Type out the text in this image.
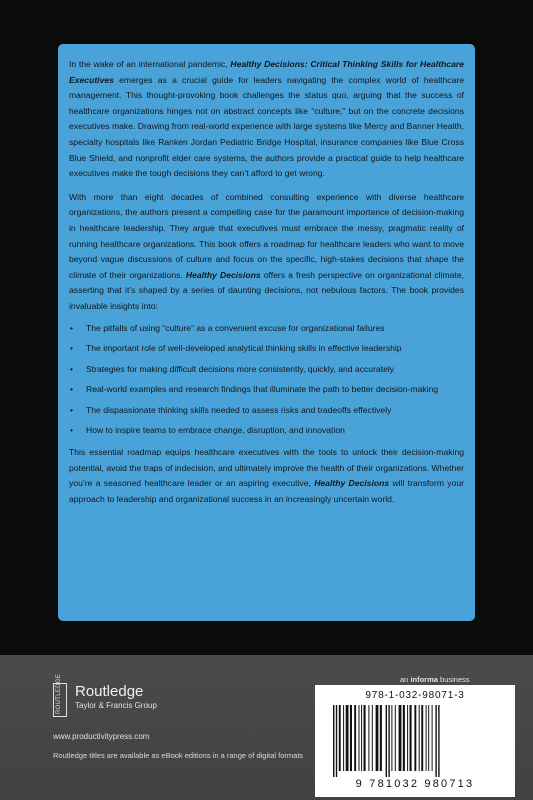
In the wake of an international pandemic, Healthy Decisions: Critical Thinking Skills for Healthcare Executives emerges as a crucial guide for leaders navigating the complex world of healthcare management. This thought-provoking book challenges the status quo, arguing that the success of healthcare organizations hinges not on abstract concepts like “culture,” but on the concrete decisions executives make. Drawing from real-world experience with large systems like Mercy and Banner Health, specialty hospitals like Ranken Jordan Pediatric Bridge Hospital, insurance companies like Blue Cross Blue Shield, and nonprofit elder care systems, the authors provide a practical guide to help healthcare executives make the tough decisions they can’t afford to get wrong.

With more than eight decades of combined consulting experience with diverse healthcare organizations, the authors present a compelling case for the paramount importance of decision-making in healthcare leadership. They argue that executives must embrace the messy, pragmatic reality of running healthcare organizations. This book offers a roadmap for healthcare leaders who want to move beyond vague discussions of culture and focus on the specific, high-stakes decisions that shape the climate of their organizations. Healthy Decisions offers a fresh perspective on organizational climate, asserting that it’s shaped by a series of daunting decisions, not nebulous factors. The book provides invaluable insights into:

• The pitfalls of using “culture” as a convenient excuse for organizational failures
• The important role of well-developed analytical thinking skills in effective leadership
• Strategies for making difficult decisions more consistently, quickly, and accurately
• Real-world examples and research findings that illuminate the path to better decision-making
• The dispassionate thinking skills needed to assess risks and tradeoffs effectively
• How to inspire teams to embrace change, disruption, and innovation

This essential roadmap equips healthcare executives with the tools to unlock their decision-making potential, avoid the traps of indecision, and ultimately improve the health of their organizations. Whether you’re a seasoned healthcare leader or an aspiring executive, Healthy Decisions will transform your approach to leadership and organizational success in an increasingly uncertain world.

ROUTLEDGE Routledge
Taylor & Francis Group
www.productivitypress.com
Routledge titles are available as eBook editions in a range of digital formats
an informa business
978-1-032-98071-3
9 781032 980713
